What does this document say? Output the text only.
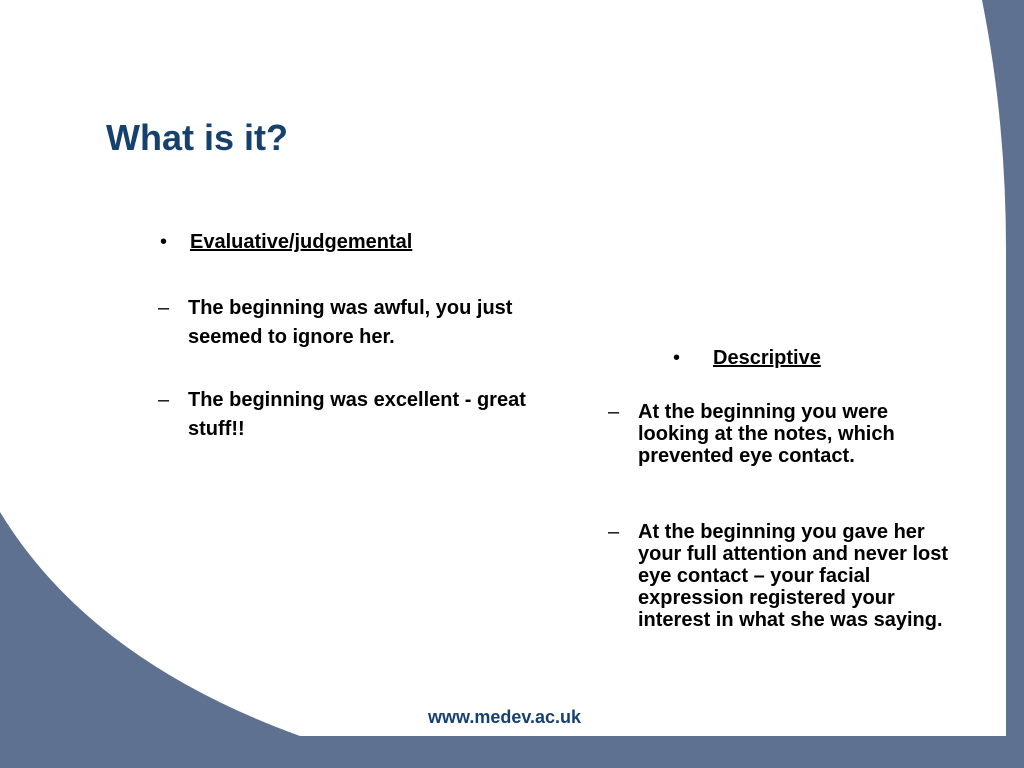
What is it?
•	Evaluative/judgemental
– The beginning was awful, you just seemed to ignore her.
– The beginning was excellent - great stuff!!
•	Descriptive
– At the beginning you were looking at the notes, which prevented eye contact.
– At the beginning you gave her your full attention and never lost eye contact – your facial expression registered your interest in what she was saying.
www.medev.ac.uk
